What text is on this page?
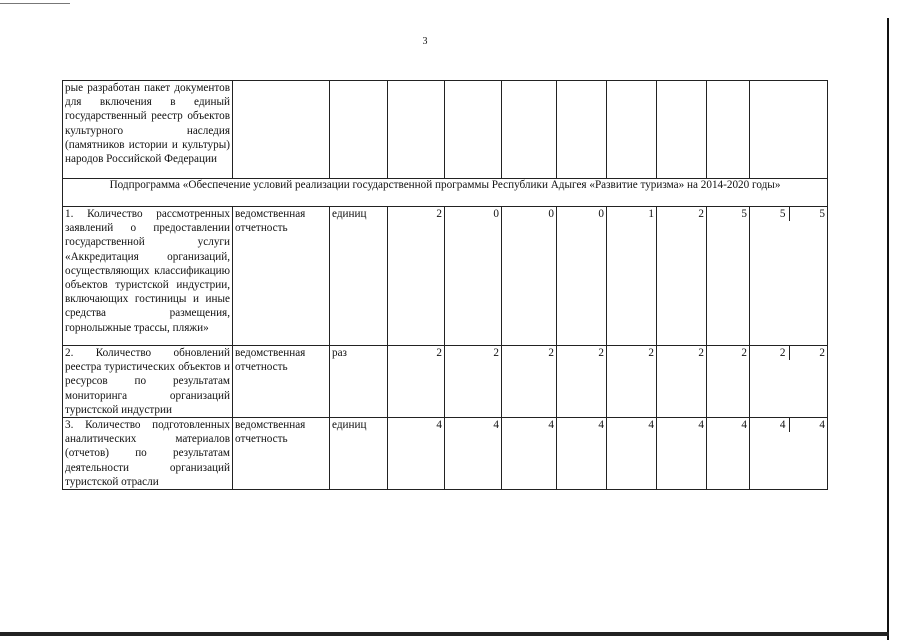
3
рые разработан пакет документов для включения в единый государственный реестр объектов культурного наследия (памятников истории и культуры) народов Российской Федерации										
Подпрограмма «Обеспечение условий реализации государственной программы Республики Адыгея «Развитие туризма» на 2014-2020 годы»										
1. Количество рассмотренных заявлений о предоставлении государственной услуги «Аккредитация организаций, осуществляющих классификацию объектов туристской индустрии, включающих гостиницы и иные средства размещения, горнолыжные трассы, пляжи»	ведомственная отчетность	единиц	2	0	0	0	1	2	5	5 5

2. Количество обновлений реестра туристических объектов и ресурсов по результатам мониторинга организаций туристской индустрии	ведомственная отчетность	раз	2	2	2	2	2	2	2	2 2

3. Количество подготовленных аналитических материалов (отчетов) по результатам деятельности организаций туристской отрасли	ведомственная отчетность	единиц	4	4	4	4	4	4	4	4 4
